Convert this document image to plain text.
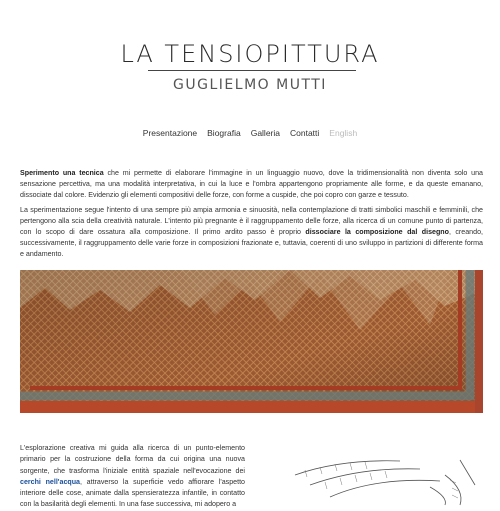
LA TENSIOPITTURA
GUGLIELMO MUTTI
Presentazione	Biografia	Galleria	Contatti	English
Sperimento una tecnica che mi permette di elaborare l'immagine in un linguaggio nuovo, dove la tridimensionalità non diventa solo una sensazione percettiva, ma una modalità interpretativa, in cui la luce e l'ombra appartengono propriamente alle forme, e da queste emanano, dissociate dal colore. Evidenzio gli elementi compositivi delle forze, con forme a cuspide, che poi copro con garze e tessuto.
La sperimentazione segue l'intento di una sempre più ampia armonia e sinuosità, nella contemplazione di tratti simbolici maschili e femminili, che pertengono alla scia della creatività naturale. L'intento più pregnante è il raggruppamento delle forze, alla ricerca di un comune punto di partenza, con lo scopo di dare ossatura alla composizione. Il primo ardito passo è proprio dissociare la composizione dal disegno, creando, successivamente, il raggruppamento delle varie forze in composizioni frazionate e, tuttavia, coerenti di uno sviluppo in partizioni di differente forma e andamento.
L'esplorazione creativa mi guida alla ricerca di un punto-elemento primario per la costruzione della forma da cui origina una nuova sorgente, che trasforma l'iniziale entità spaziale nell'evocazione dei cerchi nell'acqua, attraverso la superficie vedo affiorare l'aspetto interiore delle cose, animate dalla spensieratezza infantile, in contatto con la basilarità degli elementi. In una fase successiva, mi adopero a
